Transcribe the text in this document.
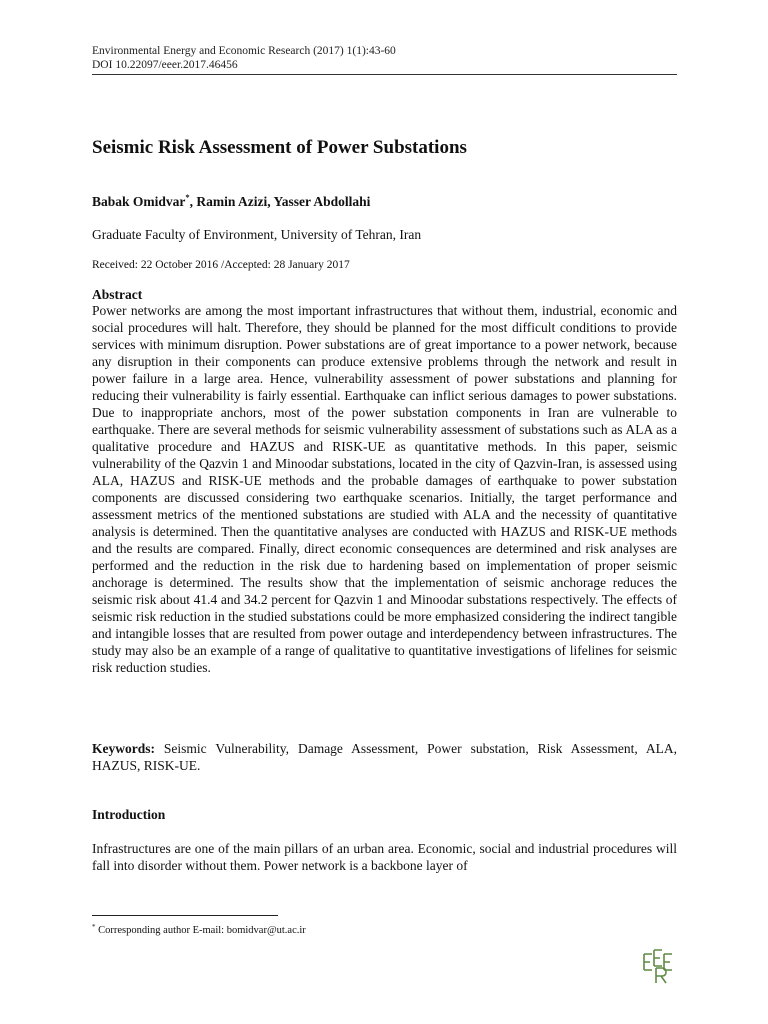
Environmental Energy and Economic Research (2017) 1(1):43-60
DOI 10.22097/eeer.2017.46456
Seismic Risk Assessment of Power Substations
Babak Omidvar*, Ramin Azizi, Yasser Abdollahi
Graduate Faculty of Environment, University of Tehran, Iran
Received: 22 October 2016 /Accepted: 28 January 2017
Abstract

Power networks are among the most important infrastructures that without them, industrial, economic and social procedures will halt. Therefore, they should be planned for the most difficult conditions to provide services with minimum disruption. Power substations are of great importance to a power network, because any disruption in their components can produce extensive problems through the network and result in power failure in a large area. Hence, vulnerability assessment of power substations and planning for reducing their vulnerability is fairly essential. Earthquake can inflict serious damages to power substations. Due to inappropriate anchors, most of the power substation components in Iran are vulnerable to earthquake. There are several methods for seismic vulnerability assessment of substations such as ALA as a qualitative procedure and HAZUS and RISK-UE as quantitative methods. In this paper, seismic vulnerability of the Qazvin 1 and Minoodar substations, located in the city of Qazvin-Iran, is assessed using ALA, HAZUS and RISK-UE methods and the probable damages of earthquake to power substation components are discussed considering two earthquake scenarios. Initially, the target performance and assessment metrics of the mentioned substations are studied with ALA and the necessity of quantitative analysis is determined. Then the quantitative analyses are conducted with HAZUS and RISK-UE methods and the results are compared. Finally, direct economic consequences are determined and risk analyses are performed and the reduction in the risk due to hardening based on implementation of proper seismic anchorage is determined. The results show that the implementation of seismic anchorage reduces the seismic risk about 41.4 and 34.2 percent for Qazvin 1 and Minoodar substations respectively. The effects of seismic risk reduction in the studied substations could be more emphasized considering the indirect tangible and intangible losses that are resulted from power outage and interdependency between infrastructures. The study may also be an example of a range of qualitative to quantitative investigations of lifelines for seismic risk reduction studies.

Keywords: Seismic Vulnerability, Damage Assessment, Power substation, Risk Assessment, ALA, HAZUS, RISK-UE.

Introduction

Infrastructures are one of the main pillars of an urban area. Economic, social and industrial procedures will fall into disorder without them. Power network is a backbone layer of

* Corresponding author E-mail: bomidvar@ut.ac.ir
